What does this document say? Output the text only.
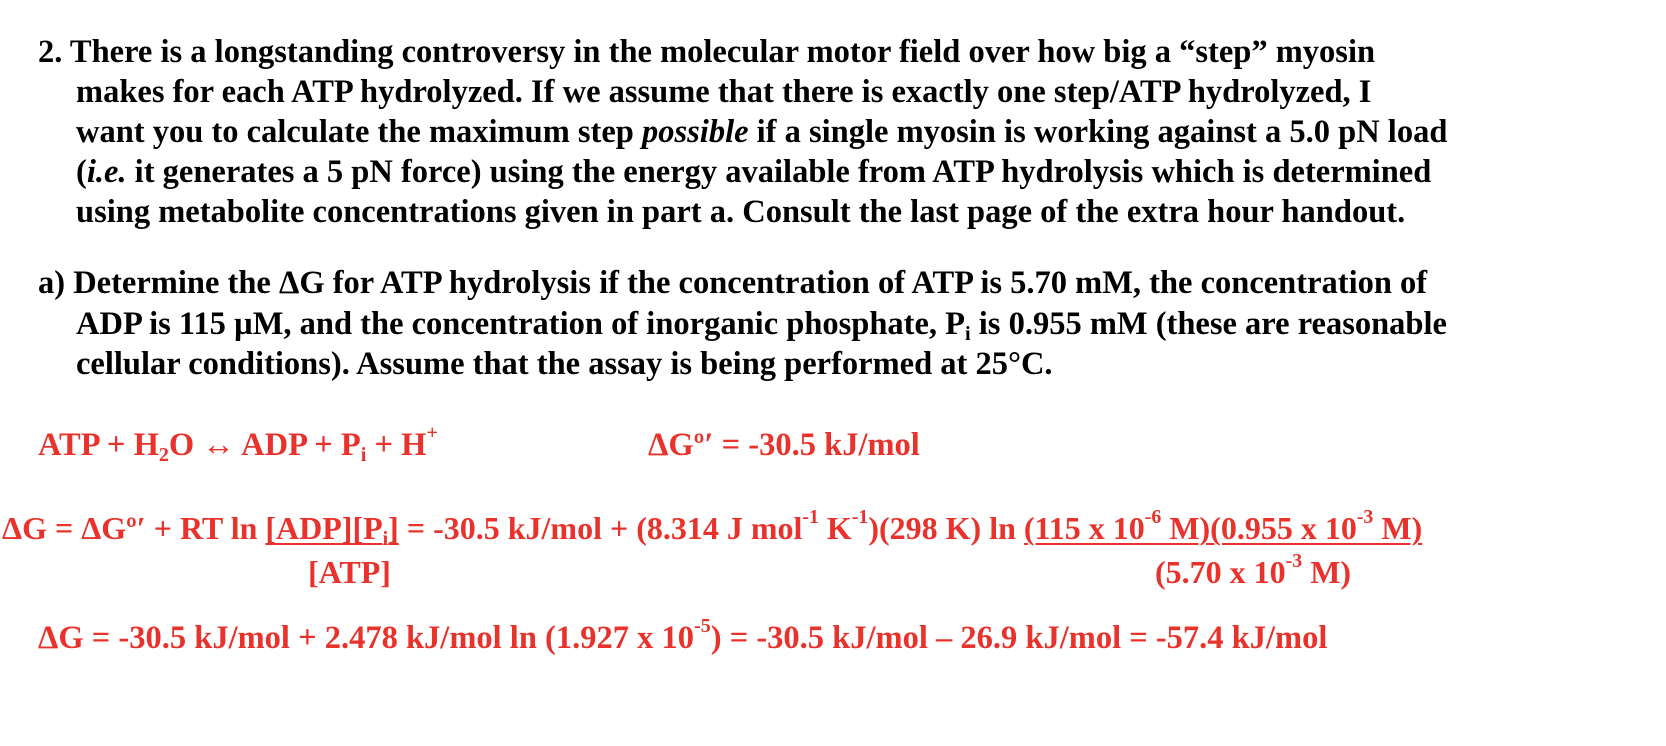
2. There is a longstanding controversy in the molecular motor field over how big a “step” myosin
makes for each ATP hydrolyzed. If we assume that there is exactly one step/ATP hydrolyzed, I
want you to calculate the maximum step possible if a single myosin is working against a 5.0 pN load
(i.e. it generates a 5 pN force) using the energy available from ATP hydrolysis which is determined
using metabolite concentrations given in part a. Consult the last page of the extra hour handout.
a) Determine the ΔG for ATP hydrolysis if the concentration of ATP is 5.70 mM, the concentration of
ADP is 115 µM, and the concentration of inorganic phosphate, $P_i$ is 0.955 mM (these are reasonable
cellular conditions). Assume that the assay is being performed at 25°C.
ATP + $H_2O$ ↔ ADP + $P_i + H^+$	ΔGº′ = -30.5 kJ/mol
ΔG = ΔGº′ + RT $\ln [ADP][P_i] = -30.5$ kJ/mol + (8.314 J mol$^{-1}$ $K^{-1})(298$ K) ln (115 x $10^{-6}$ M)(0.955 x $10^{-3}$ M)
[ATP]	(5.70 x $10^{-3}$ M)
ΔG = -30.5 kJ/mol + 2.478 kJ/mol ln (1.927 x $10^{-5}) = -30.5$ kJ/mol – 26.9 kJ/mol = -57.4 kJ/mol
